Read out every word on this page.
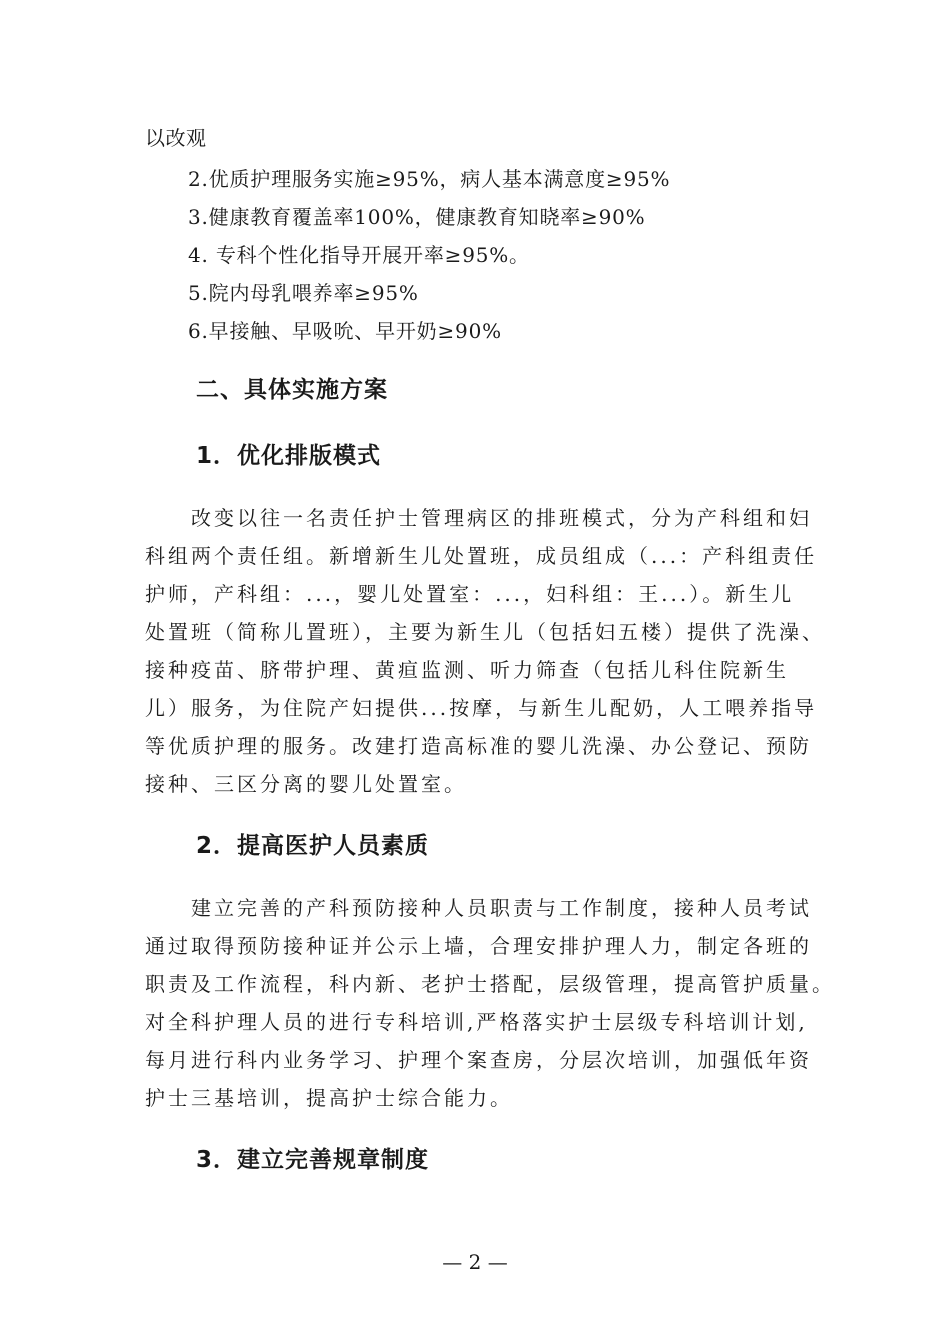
以改观
2.优质护理服务实施≥95%，病人基本满意度≥95%
3.健康教育覆盖率100%，健康教育知晓率≥90%
4. 专科个性化指导开展开率≥95%。
5.院内母乳喂养率≥95%
6.早接触、早吸吮、早开奶≥90%
二、具体实施方案
1．优化排版模式
改变以往一名责任护士管理病区的排班模式，分为产科组和妇
科组两个责任组。新增新生儿处置班，成员组成（...：产科组责任
护师，产科组：...，婴儿处置室：...，妇科组：王...）。新生儿
处置班（简称儿置班），主要为新生儿（包括妇五楼）提供了洗澡、
接种疫苗、脐带护理、黄疸监测、听力筛查（包括儿科住院新生
儿）服务，为住院产妇提供...按摩，与新生儿配奶，人工喂养指导
等优质护理的服务。改建打造高标准的婴儿洗澡、办公登记、预防
接种、三区分离的婴儿处置室。
2．提高医护人员素质
建立完善的产科预防接种人员职责与工作制度，接种人员考试
通过取得预防接种证并公示上墙，合理安排护理人力，制定各班的
职责及工作流程，科内新、老护士搭配，层级管理，提高管护质量。
对全科护理人员的进行专科培训,严格落实护士层级专科培训计划,
每月进行科内业务学习、护理个案查房，分层次培训，加强低年资
护士三基培训，提高护士综合能力。
3．建立完善规章制度
— 2 —
